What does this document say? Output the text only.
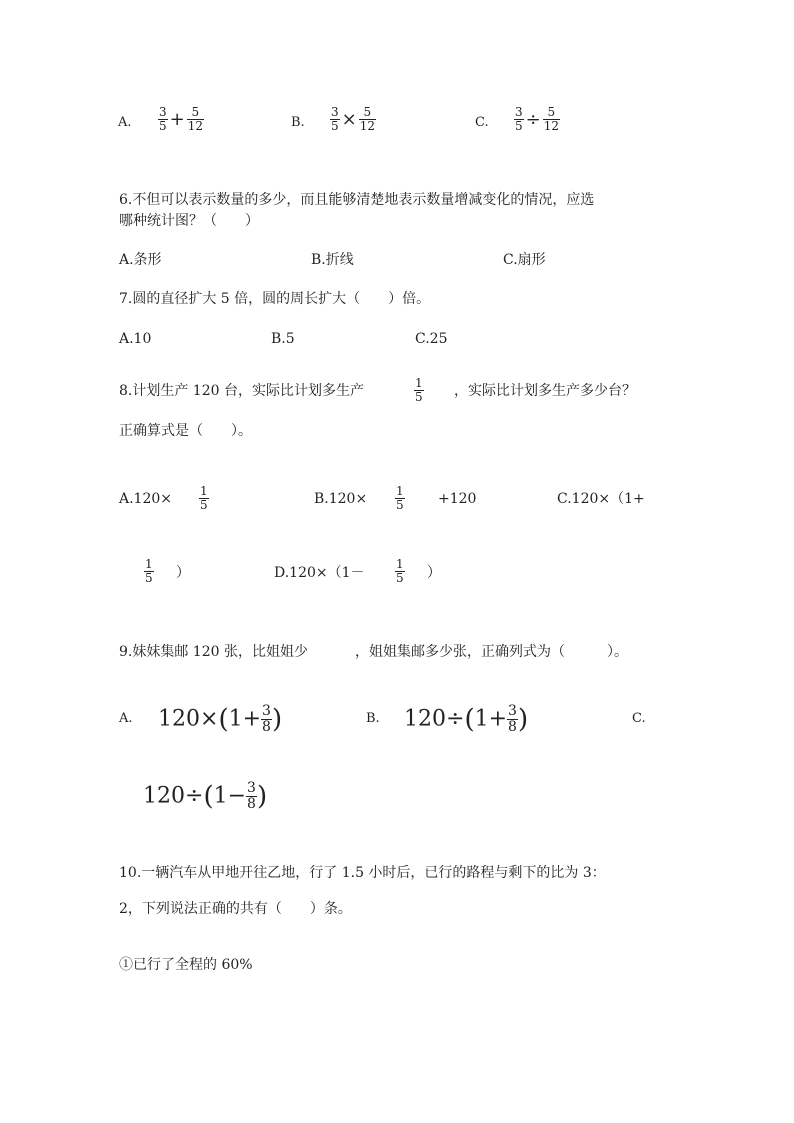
A. $\frac{3}{5} + \frac{5}{12}$	B. $\frac{3}{5} \times \frac{5}{12}$	C. $\frac{3}{5} \div \frac{5}{12}$
6.不但可以表示数量的多少，而且能够清楚地表示数量增减变化的情况，应选
哪种统计图？（　　）
A.条形	B.折线	C.扇形
7.圆的直径扩大 5 倍，圆的周长扩大（　　）倍。
A.10	B.5	C.25
8.计划生产 120 台，实际比计划多生产	$\frac{1}{5}$ ，实际比计划多生产多少台？
正确算式是（　　）。
$A.120\times \frac{1}{5}$	$B.120\times \frac{1}{5} +120$	C.120×（1+
$\frac{1}{5}$ ）	D.120×（1－	$\frac{1}{5}$ ）
9.妹妹集邮 120 张，比姐姐少	，姐姐集邮多少张，正确列式为（　　　）。
A. $120\times(1+ \frac{3}{8}$ )	B. $120\div(1+ \frac{3}{8}$ )	C.
$120\div(1- \frac{3}{8}$ )
10.一辆汽车从甲地开往乙地，行了 1.5 小时后，已行的路程与剩下的比为 3：
2，下列说法正确的共有（　　）条。
①已行了全程的 60%
